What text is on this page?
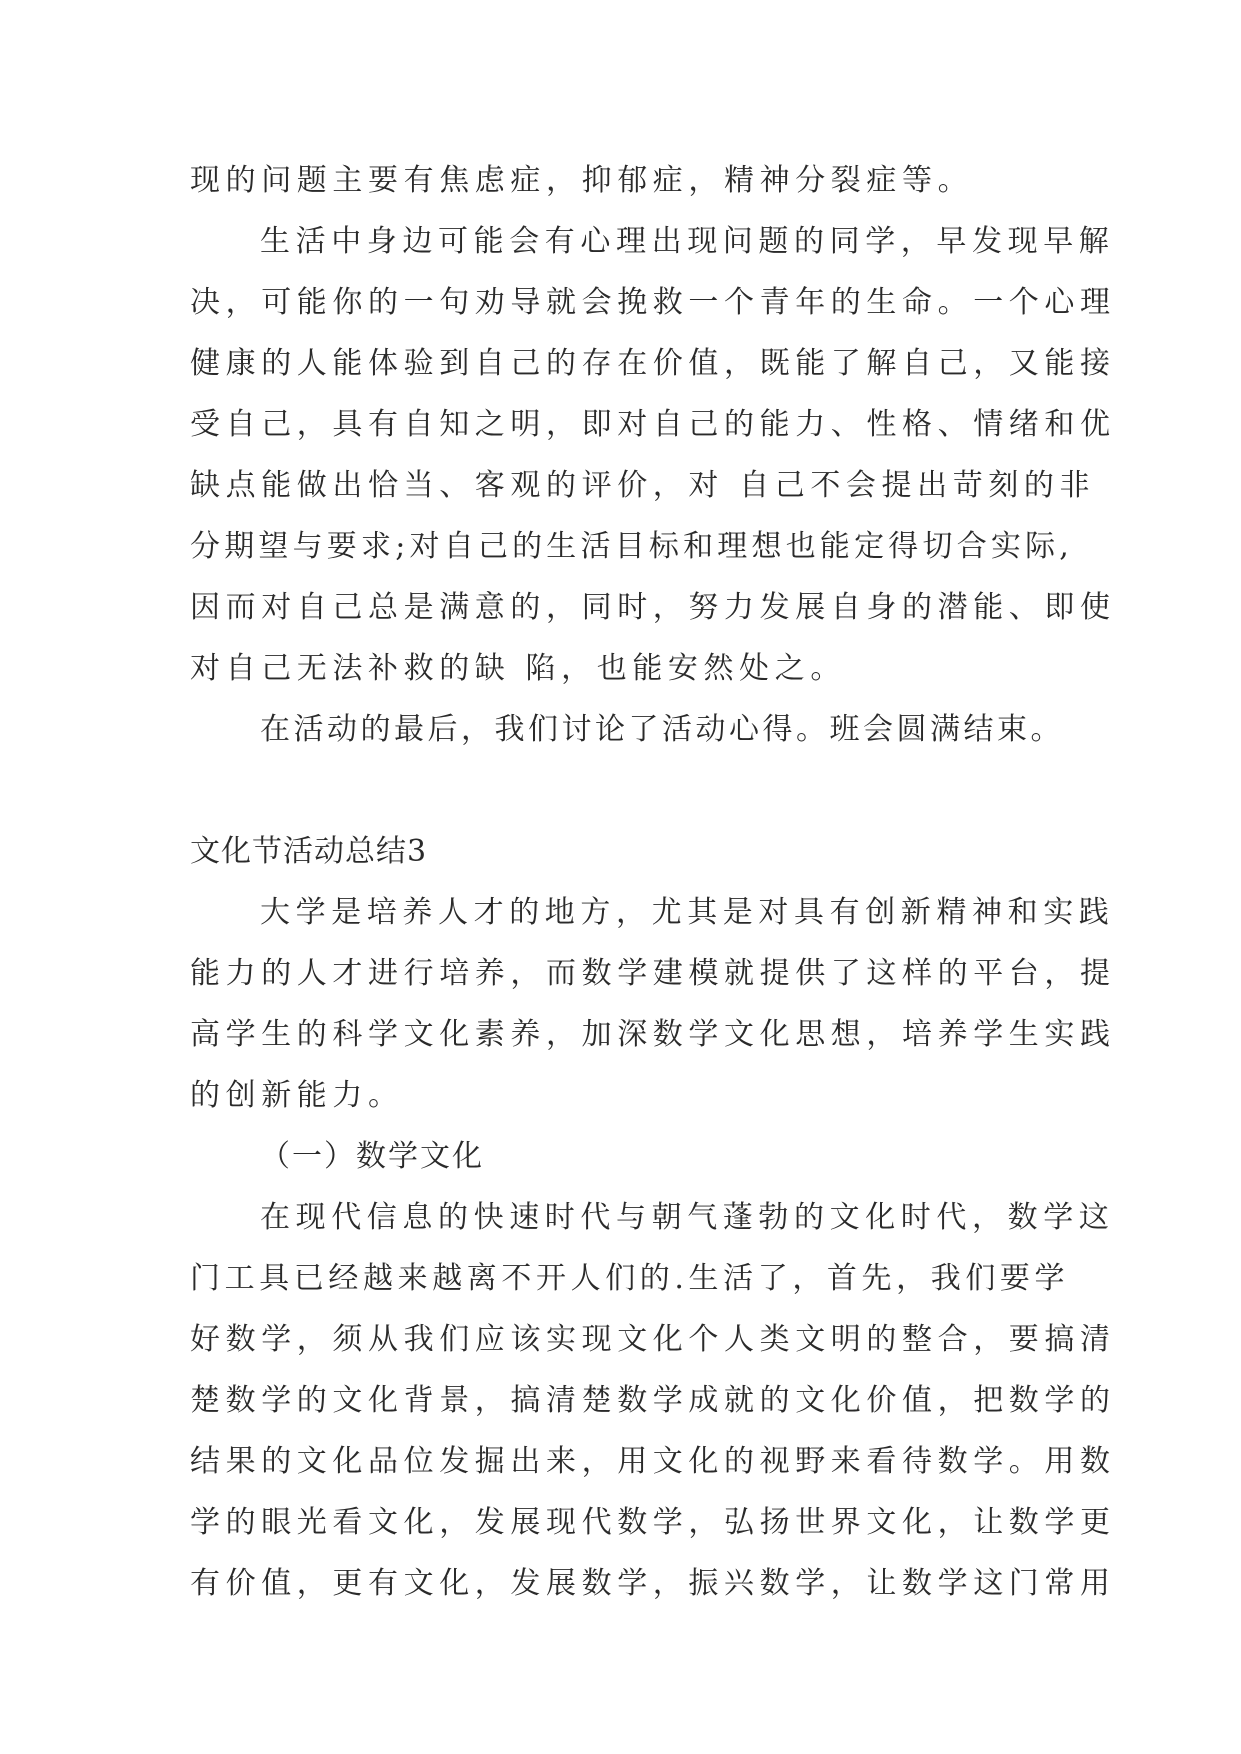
现的问题主要有焦虑症，抑郁症，精神分裂症等。
生活中身边可能会有心理出现问题的同学，早发现早解
决，可能你的一句劝导就会挽救一个青年的生命。一个心理
健康的人能体验到自己的存在价值，既能了解自己，又能接
受自己，具有自知之明，即对自己的能力、性格、情绪和优
缺点能做出恰当、客观的评价，对 自己不会提出苛刻的非
分期望与要求;对自己的生活目标和理想也能定得切合实际,
因而对自己总是满意的，同时，努力发展自身的潜能、即使
对自己无法补救的缺 陷，也能安然处之。
在活动的最后，我们讨论了活动心得。班会圆满结束。
文化节活动总结3
大学是培养人才的地方，尤其是对具有创新精神和实践
能力的人才进行培养，而数学建模就提供了这样的平台，提
高学生的科学文化素养，加深数学文化思想，培养学生实践
的创新能力。
（一）数学文化
在现代信息的快速时代与朝气蓬勃的文化时代，数学这
门工具已经越来越离不开人们的.生活了，首先，我们要学
好数学，须从我们应该实现文化个人类文明的整合，要搞清
楚数学的文化背景，搞清楚数学成就的文化价值，把数学的
结果的文化品位发掘出来，用文化的视野来看待数学。用数
学的眼光看文化，发展现代数学，弘扬世界文化，让数学更
有价值，更有文化，发展数学，振兴数学，让数学这门常用
